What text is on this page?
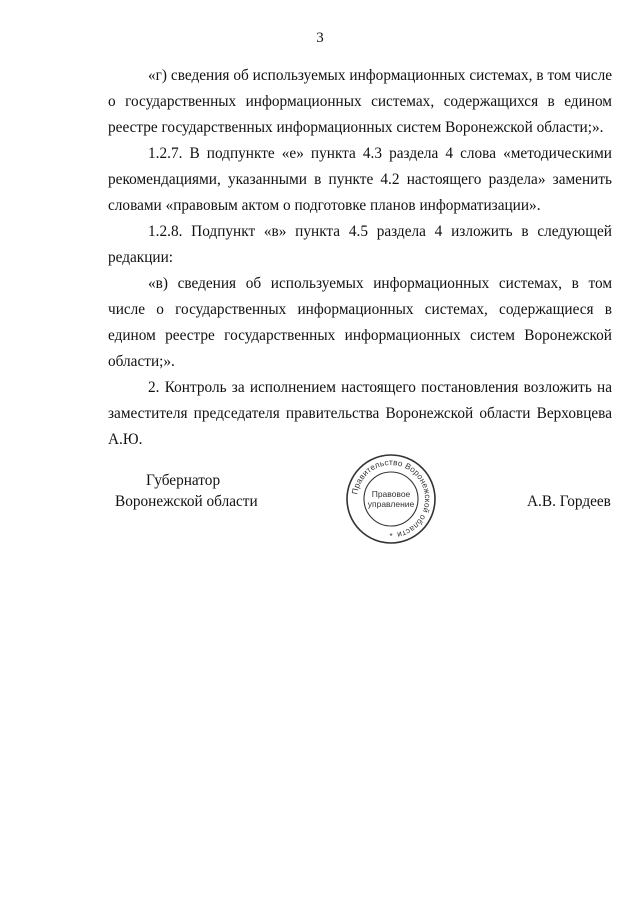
3

«г) сведения об используемых информационных системах, в том числе о государственных информационных системах, содержащихся в едином реестре государственных информационных систем Воронежской области;».

1.2.7. В подпункте «е» пункта 4.3 раздела 4 слова «методическими рекомендациями, указанными в пункте 4.2 настоящего раздела» заменить словами «правовым актом о подготовке планов информатизации».

1.2.8. Подпункт «в» пункта 4.5 раздела 4 изложить в следующей редакции:

«в) сведения об используемых информационных системах, в том числе о государственных информационных системах, содержащиеся в едином реестре государственных информационных систем Воронежской области;».

2. Контроль за исполнением настоящего постановления возложить на заместителя председателя правительства Воронежской области Верховцева А.Ю.

Губернатор
Воронежской области
Правительство Воронежской области
Правовое
управление
*
А.В. Гордеев
